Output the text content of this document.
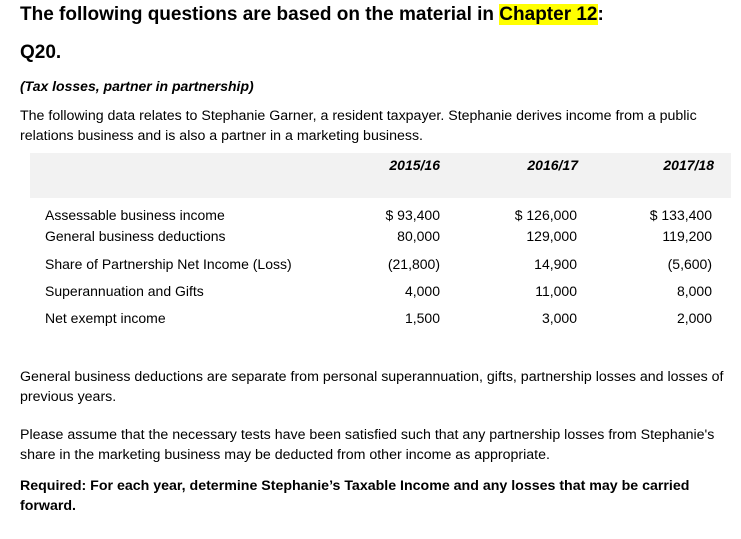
The following questions are based on the material in Chapter 12:
Q20.
(Tax losses, partner in partnership)
The following data relates to Stephanie Garner, a resident taxpayer. Stephanie derives income from a public relations business and is also a partner in a marketing business.
2015/16	2016/17	2017/18
Assessable business income	$ 93,400	$ 126,000	$ 133,400
General business deductions	80,000	129,000	119,200
Share of Partnership Net Income (Loss)	(21,800)	14,900	(5,600)
Superannuation and Gifts	4,000	11,000	8,000
Net exempt income	1,500	3,000	2,000
General business deductions are separate from personal superannuation, gifts, partnership losses and losses of previous years.
Please assume that the necessary tests have been satisfied such that any partnership losses from Stephanie's share in the marketing business may be deducted from other income as appropriate.
Required: For each year, determine Stephanie’s Taxable Income and any losses that may be carried forward.
